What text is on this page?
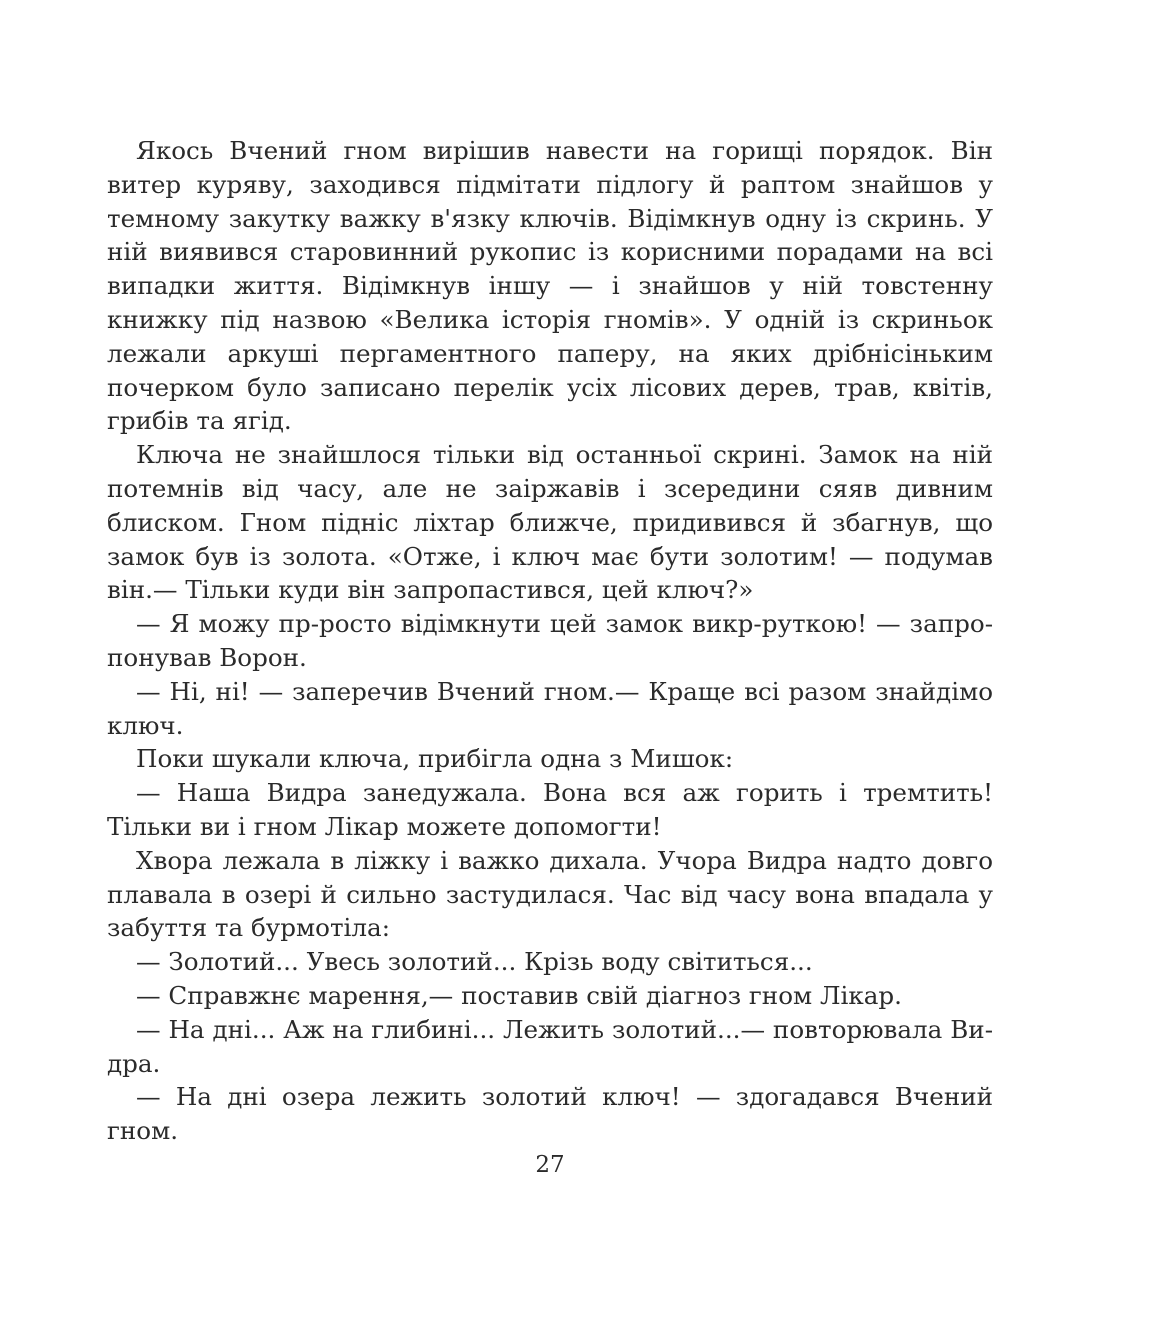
Якось Вчений гном вирішив навести на горищі порядок. Він витер куряву, заходився підмітати підлогу й раптом знайшов у темному закутку важку в'язку ключів. Відімкнув одну із скринь. У ній виявився старовинний рукопис із корисними порадами на всі випадки життя. Відімкнув іншу — і знайшов у ній товстенну книжку під назвою «Велика історія гномів». У одній із скриньок лежали аркуші пергаментного паперу, на яких дрібнісіньким почерком було записано перелік усіх лісових дерев, трав, квітів, грибів та ягід.

Ключа не знайшлося тільки від останньої скрині. Замок на ній потемнів від часу, але не заіржавів і зсередини сяяв дивним блиском. Гном підніс ліхтар ближче, придивився й збагнув, що замок був із золота. «Отже, і ключ має бути золотим! — подумав він.— Тільки куди він запропастився, цей ключ?»

— Я можу пр-росто відімкнути цей замок викр-руткою! — запропонував Ворон.

— Ні, ні! — заперечив Вчений гном.— Краще всі разом знайдімо ключ.

Поки шукали ключа, прибігла одна з Мишок:

— Наша Видра занедужала. Вона вся аж горить і тремтить! Тільки ви і гном Лікар можете допомогти!

Хвора лежала в ліжку і важко дихала. Учора Видра надто довго плавала в озері й сильно застудилася. Час від часу вона впадала у забуття та бурмотіла:

— Золотий... Увесь золотий... Крізь воду світиться...

— Справжнє марення,— поставив свій діагноз гном Лікар.

— На дні... Аж на глибині... Лежить золотий...— повторювала Видра.

— На дні озера лежить золотий ключ! — здогадався Вчений гном.

27
